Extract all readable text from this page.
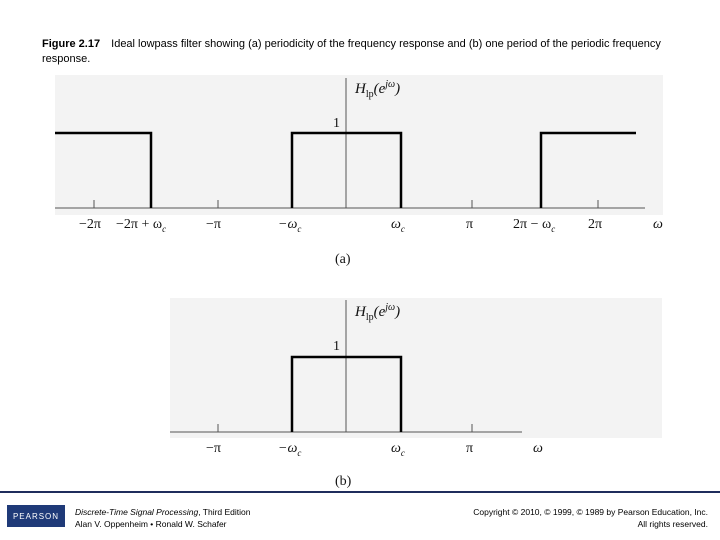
Figure 2.17 Ideal lowpass filter showing (a) periodicity of the frequency response and (b) one period of the periodic frequency response.
$H_{lp}(e^{j\omega})$
1
$-2\pi -2\pi + \omega_c$	−π	$-\omega_c$	$\omega_c$	π	$2\pi - \omega_c$ 2π	ω
(a)
$H_{lp}(e^{j\omega})$
1
−π	$-\omega_c$	$\omega_c$	π	ω
(b)
PEARSON	Discrete-Time Signal Processing, Third Edition
Alan V. Oppenheim • Ronald W. Schafer
Copyright © 2010, © 1999, © 1989 by Pearson Education, Inc.
All rights reserved.
